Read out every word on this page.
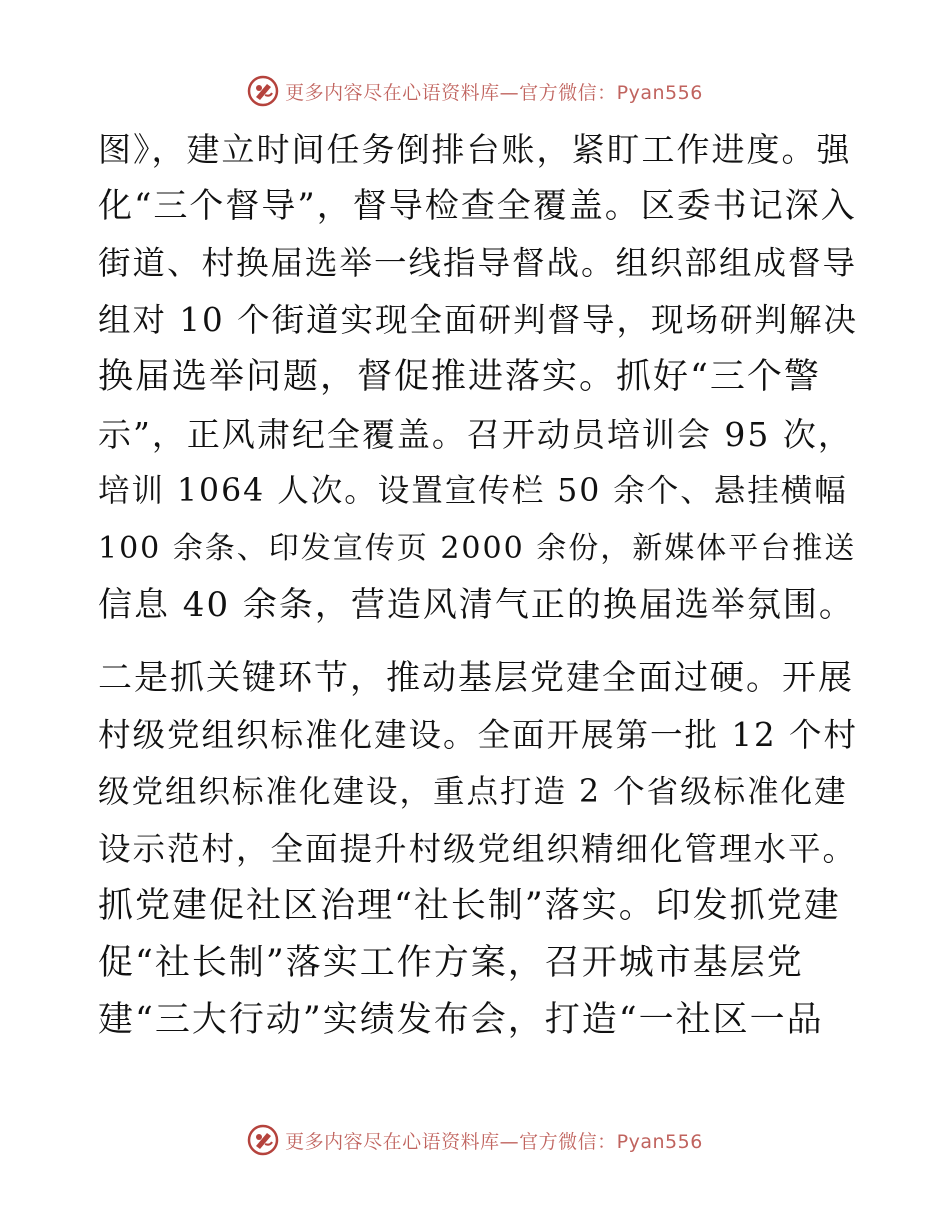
更多内容尽在心语资料库—官方微信：Pyan556
图》，建立时间任务倒排台账，紧盯工作进度。强
化“三个督导”，督导检查全覆盖。区委书记深入
街道、村换届选举一线指导督战。组织部组成督导
组对 10 个街道实现全面研判督导，现场研判解决
换届选举问题，督促推进落实。抓好“三个警
示”，正风肃纪全覆盖。召开动员培训会 95 次，
培训 1064 人次。设置宣传栏 50 余个、悬挂横幅
100 余条、印发宣传页 2000 余份，新媒体平台推送
信息 40 余条，营造风清气正的换届选举氛围。
二是抓关键环节，推动基层党建全面过硬。开展
村级党组织标准化建设。全面开展第一批 12 个村
级党组织标准化建设，重点打造 2 个省级标准化建
设示范村，全面提升村级党组织精细化管理水平。
抓党建促社区治理“社长制”落实。印发抓党建
促“社长制”落实工作方案，召开城市基层党
建“三大行动”实绩发布会，打造“一社区一品
更多内容尽在心语资料库—官方微信：Pyan556
